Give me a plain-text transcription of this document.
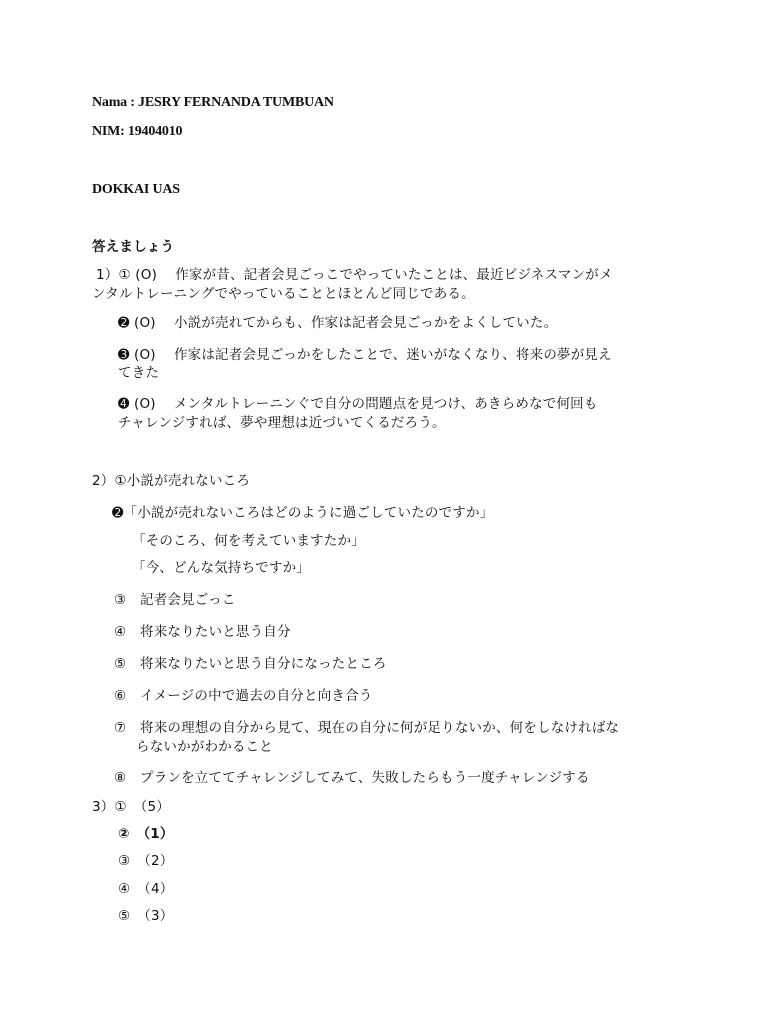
Nama : JESRY FERNANDA TUMBUAN
NIM: 19404010
DOKKAI UAS
答えましょう
1）① (O)　 作家が昔、記者会見ごっこでやっていたことは、最近ビジネスマンがメ
ンタルトレーニングでやっていることとほとんど同じである。
➋ (O)　 小説が売れてからも、作家は記者会見ごっかをよくしていた。
➌ (O)　 作家は記者会見ごっかをしたことで、迷いがなくなり、将来の夢が見え
てきた
➍ (O)　 メンタルトレーニンぐで自分の問題点を見つけ、あきらめなで何回も
チャレンジすれば、夢や理想は近づいてくるだろう。
2）①小説が売れないころ
➋「小説が売れないころはどのように過ごしていたのですか」
「そのころ、何を考えていますたか」
「今、どんな気持ちですか」
③　記者会見ごっこ
④　将来なりたいと思う自分
⑤　将来なりたいと思う自分になったところ
⑥　イメージの中で過去の自分と向き合う
⑦　将来の理想の自分から見て、現在の自分に何が足りないか、何をしなければな
らないかがわかること
⑧　プランを立ててチャレンジしてみて、失敗したらもう一度チャレンジする
3）①　（5）
②　（1）
③　（2）
④　（4）
⑤　（3）
